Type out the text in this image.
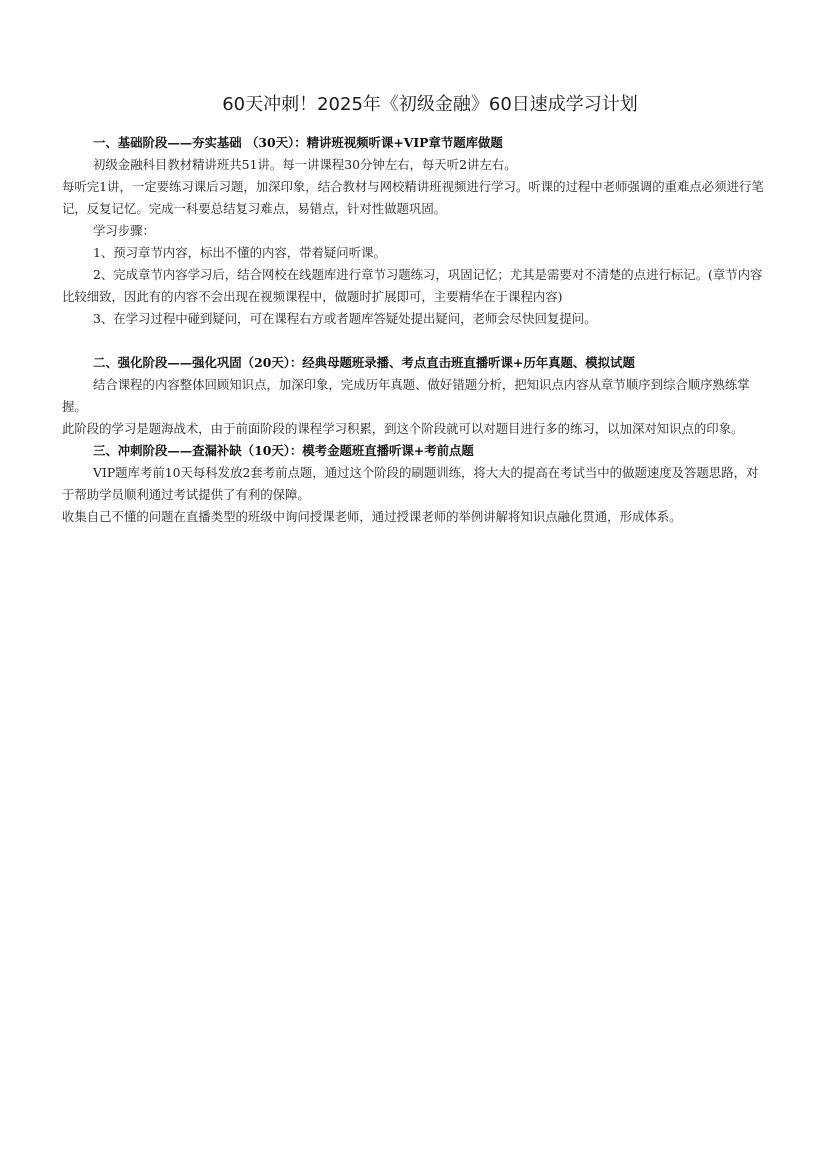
60天冲刺！2025年《初级金融》60日速成学习计划
一、基础阶段——夯实基础 （30天）：精讲班视频听课+VIP章节题库做题
初级金融科目教材精讲班共51讲。每一讲课程30分钟左右，每天听2讲左右。
每听完1讲，一定要练习课后习题，加深印象，结合教材与网校精讲班视频进行学习。听课的过程中老师强调的重难点必须进行笔记，反复记忆。完成一科要总结复习难点，易错点，针对性做题巩固。
学习步骤：
1、预习章节内容，标出不懂的内容，带着疑问听课。
2、完成章节内容学习后，结合网校在线题库进行章节习题练习，巩固记忆；尤其是需要对不清楚的点进行标记。(章节内容比较细致，因此有的内容不会出现在视频课程中，做题时扩展即可，主要精华在于课程内容)
3、在学习过程中碰到疑问，可在课程右方或者题库答疑处提出疑问，老师会尽快回复提问。
二、强化阶段——强化巩固（20天）：经典母题班录播、考点直击班直播听课+历年真题、模拟试题
结合课程的内容整体回顾知识点，加深印象，完成历年真题、做好错题分析，把知识点内容从章节顺序到综合顺序熟练掌握。
此阶段的学习是题海战术，由于前面阶段的课程学习积累，到这个阶段就可以对题目进行多的练习，以加深对知识点的印象。
三、冲刺阶段——查漏补缺（10天）：模考金题班直播听课+考前点题
VIP题库考前10天每科发放2套考前点题，通过这个阶段的刷题训练，将大大的提高在考试当中的做题速度及答题思路，对于帮助学员顺利通过考试提供了有利的保障。
收集自己不懂的问题在直播类型的班级中询问授课老师，通过授课老师的举例讲解将知识点融化贯通，形成体系。
